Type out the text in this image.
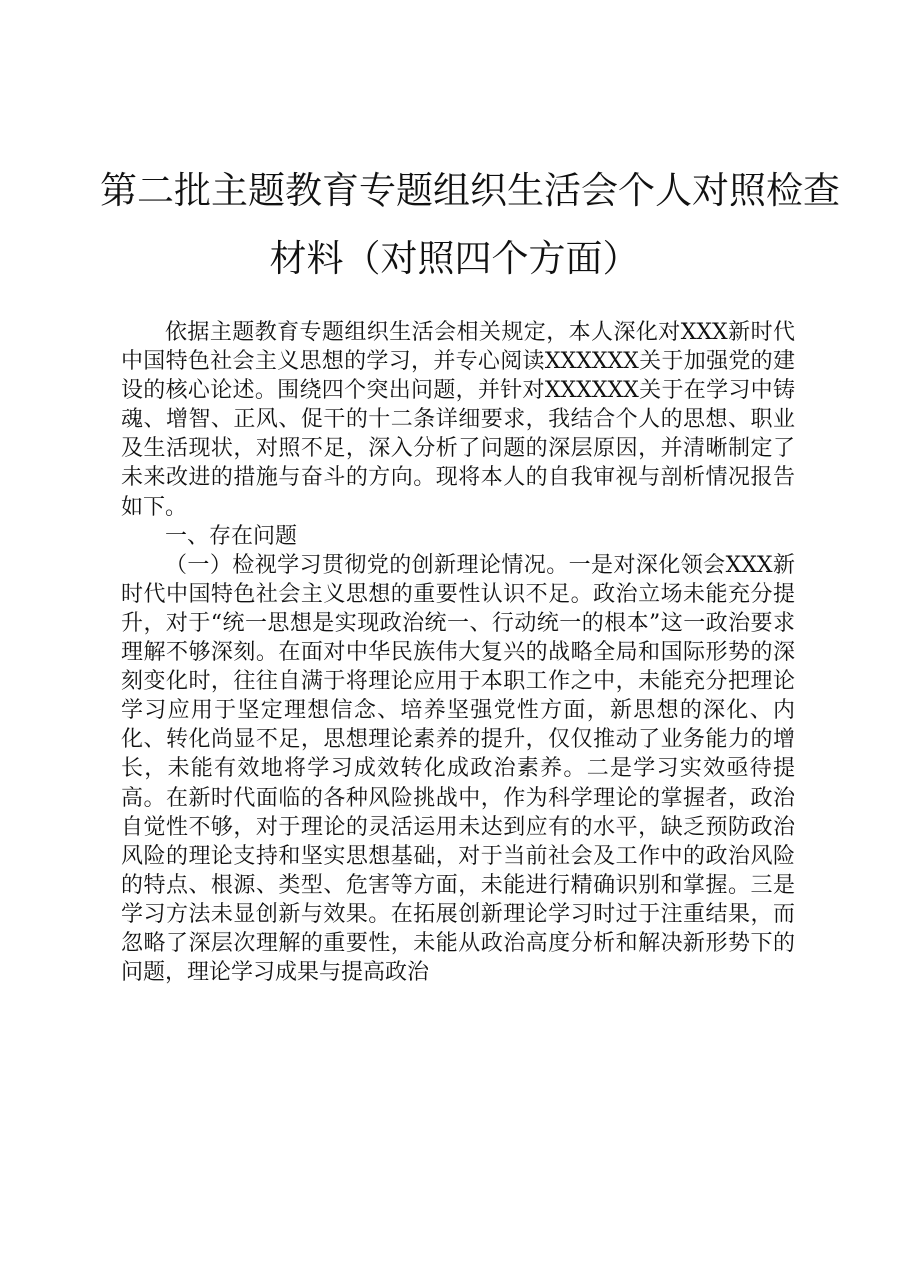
第二批主题教育专题组织生活会个人对照检查
材料（对照四个方面）

依据主题教育专题组织生活会相关规定，本人深化对XXX新时代中国特色社会主义思想的学习，并专心阅读XXXXXX关于加强党的建设的核心论述。围绕四个突出问题，并针对XXXXXX关于在学习中铸魂、增智、正风、促干的十二条详细要求，我结合个人的思想、职业及生活现状，对照不足，深入分析了问题的深层原因，并清晰制定了未来改进的措施与奋斗的方向。现将本人的自我审视与剖析情况报告如下。

一、存在问题

（一）检视学习贯彻党的创新理论情况。一是对深化领会XXX新时代中国特色社会主义思想的重要性认识不足。政治立场未能充分提升，对于“统一思想是实现政治统一、行动统一的根本”这一政治要求理解不够深刻。在面对中华民族伟大复兴的战略全局和国际形势的深刻变化时，往往自满于将理论应用于本职工作之中，未能充分把理论学习应用于坚定理想信念、培养坚强党性方面，新思想的深化、内化、转化尚显不足，思想理论素养的提升，仅仅推动了业务能力的增长，未能有效地将学习成效转化成政治素养。二是学习实效亟待提高。在新时代面临的各种风险挑战中，作为科学理论的掌握者，政治自觉性不够，对于理论的灵活运用未达到应有的水平，缺乏预防政治风险的理论支持和坚实思想基础，对于当前社会及工作中的政治风险的特点、根源、类型、危害等方面，未能进行精确识别和掌握。三是学习方法未显创新与效果。在拓展创新理论学习时过于注重结果，而忽略了深层次理解的重要性，未能从政治高度分析和解决新形势下的问题，理论学习成果与提高政治
